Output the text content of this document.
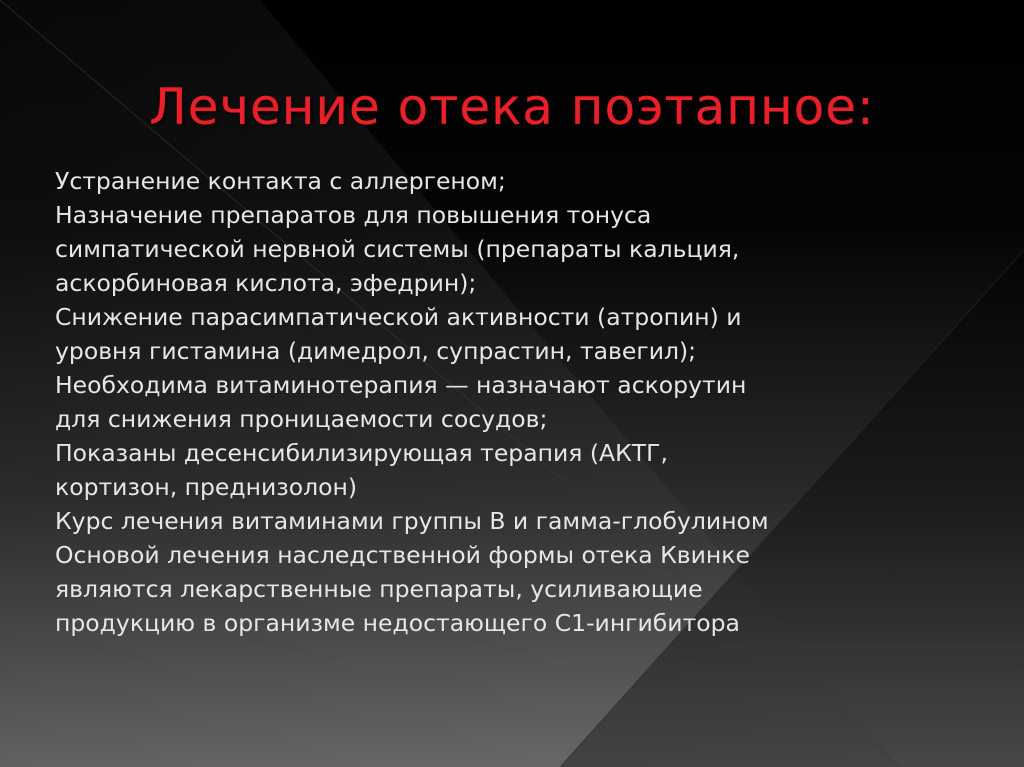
Лечение отека поэтапное:
Устранение контакта с аллергеном;
Назначение препаратов для повышения тонуса
симпатической нервной системы (препараты кальция,
аскорбиновая кислота, эфедрин);
Снижение парасимпатической активности (атропин) и
уровня гистамина (димедрол, супрастин, тавегил);
Необходима витаминотерапия — назначают аскорутин
для снижения проницаемости сосудов;
Показаны десенсибилизирующая терапия (АКТГ,
кортизон, преднизолон)
Курс лечения витаминами группы В и гамма-глобулином
Основой лечения наследственной формы отека Квинке
являются лекарственные препараты, усиливающие
продукцию в организме недостающего С1-ингибитора
